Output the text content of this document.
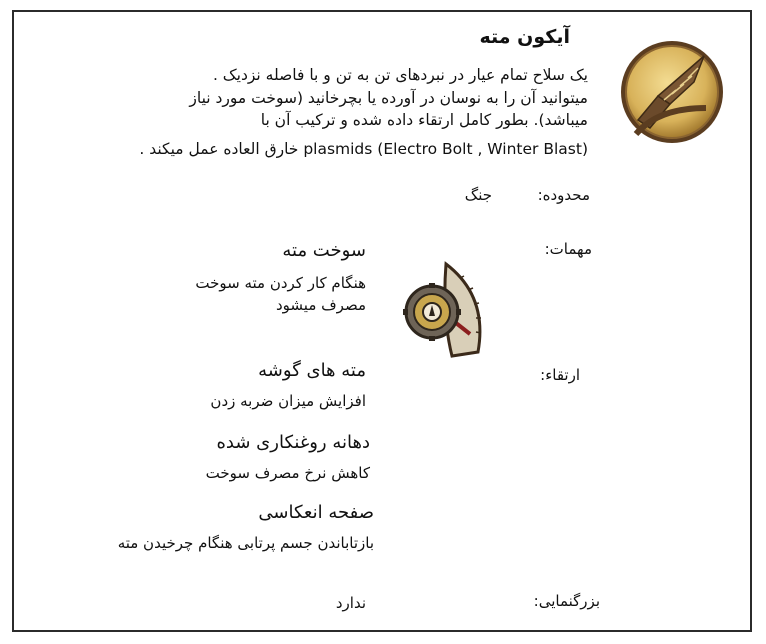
آیکون مته
یک سلاح تمام عیار در نبردهای تن به تن و با فاصله نزدیک .
میتوانید آن را به نوسان در آورده یا بچرخانید (سوخت مورد نیاز
میباشد). بطور کامل ارتقاء داده شده و ترکیب آن با
(Electro Bolt , Winter Blast) plasmids خارق العاده عمل میکند .
محدوده:
جنگ
مهمات:
سوخت مته
هنگام کار کردن مته سوخت
مصرف میشود
ارتقاء:
مته های گوشه
افزایش میزان ضربه زدن
دهانه روغنکاری شده
کاهش نرخ مصرف سوخت
صفحه انعکاسی
بازتاباندن جسم پرتابی هنگام چرخیدن مته
بزرگنمایی:
ندارد
